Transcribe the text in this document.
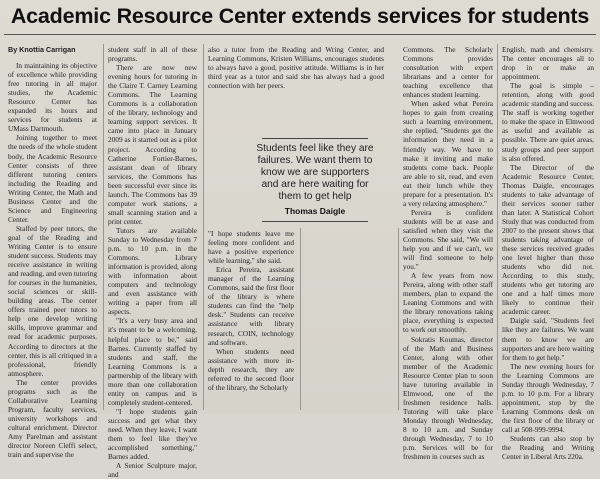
Academic Resource Center extends services for students

By Knottia Carrigan

In maintaining its objective of excellence while providing free tutoring in all major studies, the Academic Resource Center has expanded its hours and services for students at UMass Dartmouth.

Joining together to meet the needs of the whole student body, the Academic Resource Center consists of three different tutoring centers including the Reading and Writing Center, the Math and Business Center and the Science and Engineering Center.

Staffed by peer tutors, the goal of the Reading and Writing Center is to ensure student success. Students may receive assistance in writing and reading, and even tutoring for courses in the humanities, social sciences or skill-building areas. The center offers trained peer tutors to help one develop writing skills, improve grammar and read for academic purposes. According to directors at the center, this is all critiqued in a professional, friendly atmosphere.

The center provides programs such as the Collaborative Learning Program, faculty services, university workshops and cultural enrichment. Director Amy Parelman and assistant director Noreen Cleffi select, train and supervise the

student staff in all of these programs.

There are now new evening hours for tutoring in the Claire T. Carney Learning Commons. The Learning Commons is a collaboration of the library, technology and learning support services. It came into place in January 2009 as it started out as a pilot project. According to Catherine Fortier-Barnes, assistant dean of library services, the Commons has been successful ever since its launch. The Commons has 39 computer work stations, a small scanning station and a print center.

Tutors are available Sunday to Wednesday from 7 p.m. to 10 p.m. in the Commons. Library information is provided, along with information about computers and technology and even assistance with writing a paper from all aspects.

"It's a very busy area and it's meant to be a welcoming, helpful place to be," said Barnes. Currently staffed by students and staff, the Learning Commons is a partnership of the library with more than one collaboration entity on campus and is completely student-centered.

"I hope students gain success and get what they need. When they leave, I want them to feel like they've accomplished something," Barnes added.

A Senior Sculpture major, and

also a tutor from the Reading and Wring Center, and Learning Commons, Kristen Williams, encourages students to always have a good, positive attitude. Williams is in her third year as a tutor and said she has always had a good connection with her peers.

Students feel like they are failures. We want them to know we are supporters and are here waiting for them to get help
Thomas Daigle

"I hope students leave me feeling more confident and have a positive experience while learning," she said.

Erica Pereira, assistant manager of the Learning Commons, said the first floor of the library is where students can find the "help desk." Students can receive assistance with library research, COIN, technology and software.

When students need assistance with more in-depth research, they are referred to the second floor of the library, the Scholarly

Commons. The Scholarly Commons provides consultation with expert librarians and a center for teaching excellence that enhances student learning.

When asked what Pereira hopes to gain from creating such a learning environment, she replied, "Students get the information they need in a friendly way. We have to make it inviting and make students come back. People are able to sit, read, and even eat their lunch while they prepare for a presentation. It's a very relaxing atmosphere."

Pereira is confident students will be at ease and satisfied when they visit the Commons. She said, "We will help you and if we can't, we will find someone to help you."

A few years from now Pereira, along with other staff members, plan to expand the Leaning Commons and with the library renovations taking place, everything is expected to work out smoothly.

Sokratis Koumas, director of the Math and Business Center, along with other member of the Academic Resource Center plan to soon have tutoring available in Elmwood, one of the freshmen residence halls. Tutoring will take place Monday through Wednesday, 8 to 10 a.m. and Sunday through Wednesday, 7 to 10 p.m. Services will be for freshmen in courses such as

English, math and chemistry. The center encourages all to drop in or make an appointment.

The goal is simple – retention, along with good academic standing and success. The staff is working together to make the space in Elmwood as useful and available as possible. There are quiet areas, study groups and peer support is also offered.

The Director of the Academic Resource Center, Thomas Daigle, encourages students to take advantage of their services sooner rather than later. A Statistical Cohort Study that was conducted from 2007 to the present shows that students taking advantage of these services received grades one level higher than those students who did not. According to this study, students who get tutoring are one and a half times more likely to continue their academic career.

Daigle said, "Students feel like they are failures. We want them to know we are supporters and are here waiting for them to get help."

The new evening hours for the Learning Commons are Sunday through Wednesday, 7 p.m. to 10 p.m. For a library appointment, stop by the Learning Commons desk on the first floor of the library or call at 508-999-9994.

Students can also stop by the Reading and Writing Center in Liberal Arts 220a.
